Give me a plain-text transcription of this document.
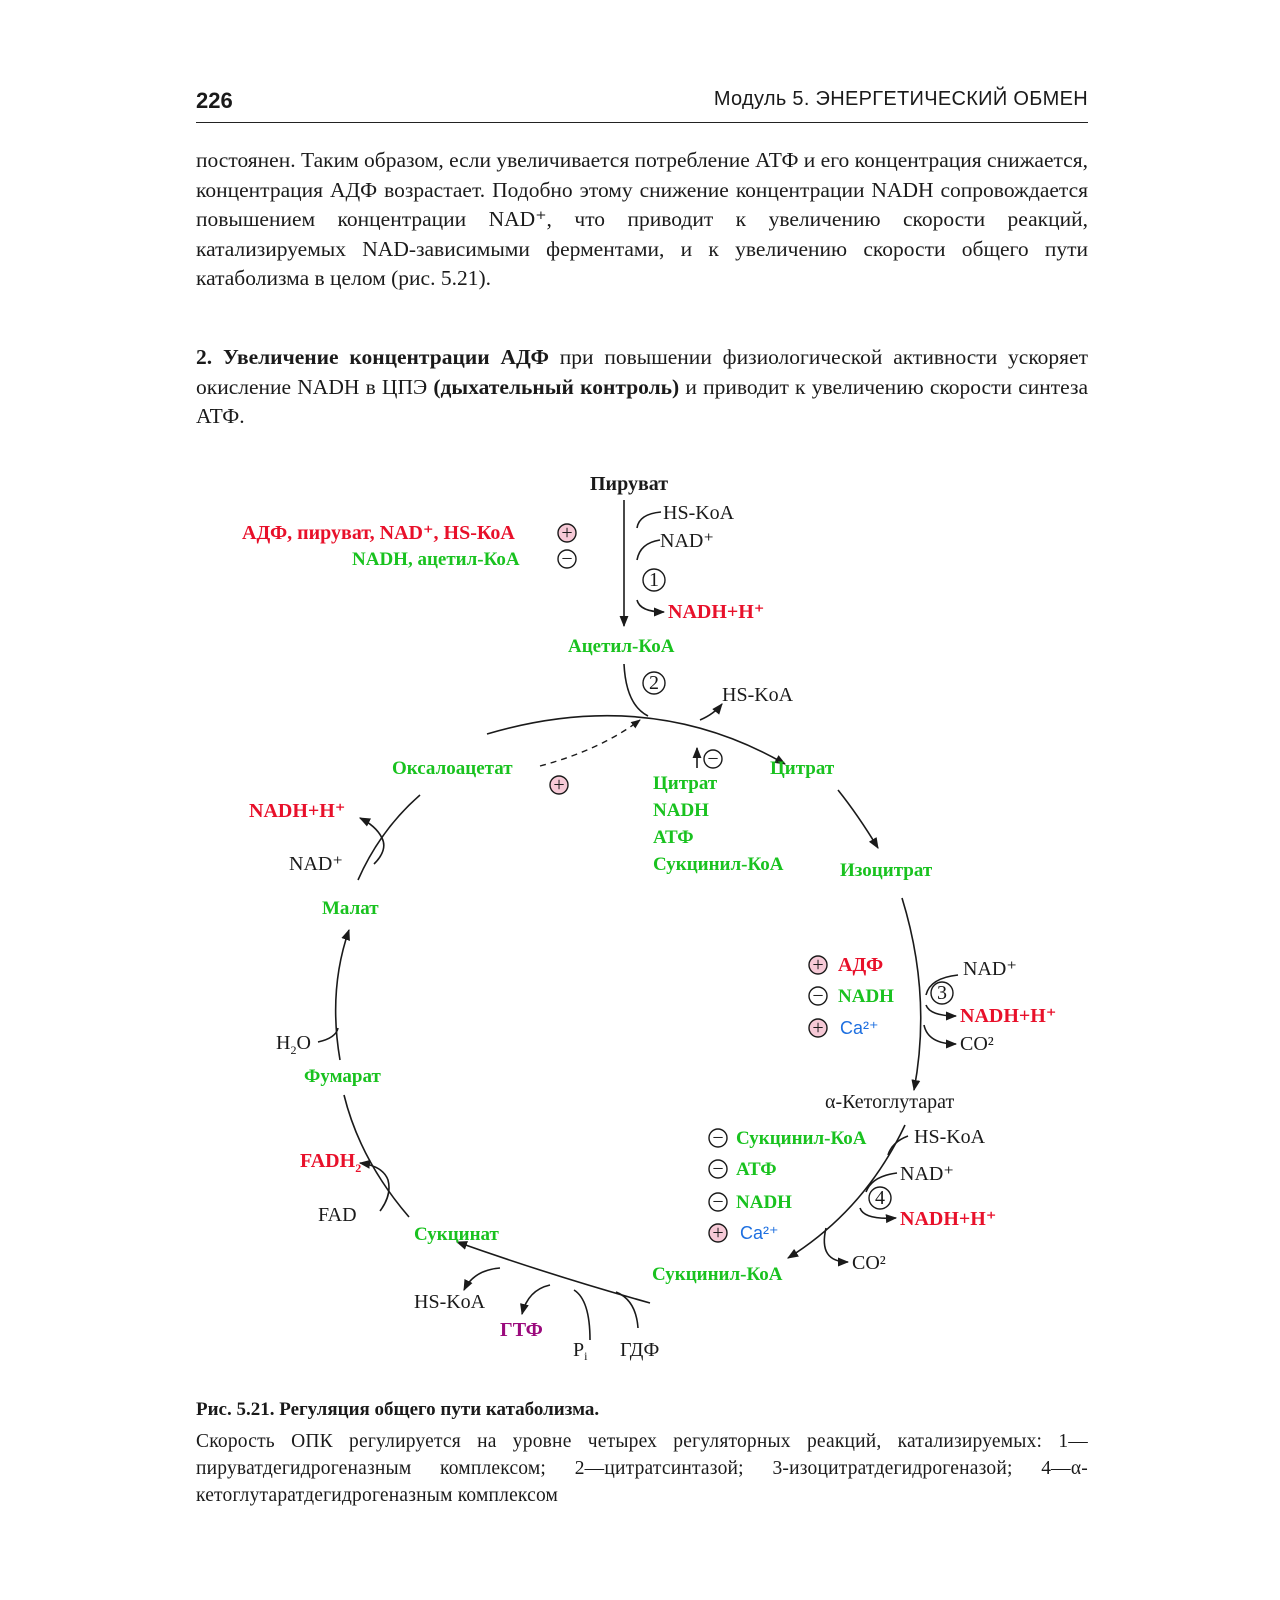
226	Модуль 5. ЭНЕРГЕТИЧЕСКИЙ ОБМЕН

постоянен. Таким образом, если увеличивается потребление АТФ и его концентрация снижается, концентрация АДФ возрастает. Подобно этому снижение концентрации NADH сопровождается повышением концентрации NAD⁺, что приводит к увеличению скорости реакций, катализируемых NAD-зависимыми ферментами, и к увеличению скорости общего пути катаболизма в целом (рис. 5.21).

2. Увеличение концентрации АДФ при повышении физиологической активности ускоряет окисление NADH в ЦПЭ (дыхательный контроль) и приводит к увеличению скорости синтеза АТФ.

Пируват
HS-KoA
NAD⁺
1
NADH+H⁺
АДФ, пируват, NAD⁺, HS-КоА +
NADH, ацетил-КоА −
Ацетил-КоА
2
HS-KoA
Оксалоацетат
+
−
Цитрат
NADH
АТФ
Сукцинил-КоА
Цитрат
Изоцитрат
+ АДФ
− NADH
+ Ca²⁺
NAD⁺
3
NADH+H⁺
CO²
α-Кетоглутарат
− Сукцинил-КоА
− АТФ
− NADH
+ Ca²⁺
HS-KoA
NAD⁺
4
NADH+H⁺
CO²
Сукцинил-КоА
HS-KoA
ГТФ
$P_i$ ГДФ
Сукцинат
$FADH_2$
FAD
Фумарат
$H_2O$
Малат
NADH+H⁺
NAD⁺

Рис. 5.21. Регуляция общего пути катаболизма.

Скорость ОПК регулируется на уровне четырех регуляторных реакций, катализируемых: 1—пируватдегидрогеназным комплексом; 2—цитратсинтазой; 3-изоцитратдегидрогеназой; 4—α-кетоглутаратдегидрогеназным комплексом
